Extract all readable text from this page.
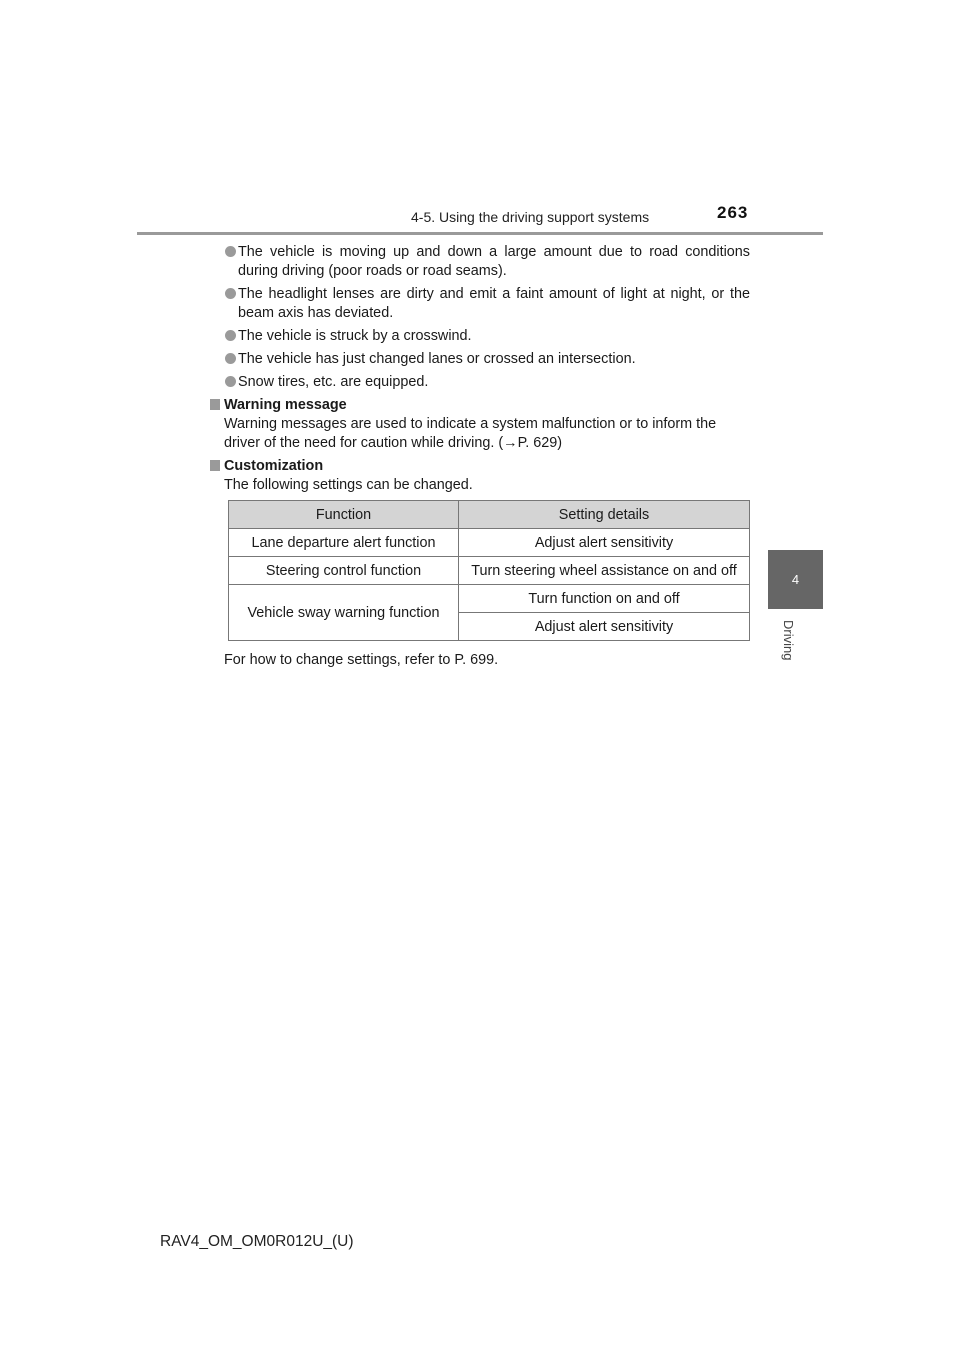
4-5. Using the driving support systems	263
4
Driving
The vehicle is moving up and down a large amount due to road conditions during driving (poor roads or road seams).
The headlight lenses are dirty and emit a faint amount of light at night, or the beam axis has deviated.
The vehicle is struck by a crosswind.
The vehicle has just changed lanes or crossed an intersection.
Snow tires, etc. are equipped.
Warning message
Warning messages are used to indicate a system malfunction or to inform the driver of the need for caution while driving. (→P. 629)
Customization
The following settings can be changed.
Function	Setting details
Lane departure alert function	Adjust alert sensitivity
Steering control function	Turn steering wheel assistance on and off
Vehicle sway warning function	Turn function on and off
	Adjust alert sensitivity
For how to change settings, refer to P. 699.
RAV4_OM_OM0R012U_(U)
